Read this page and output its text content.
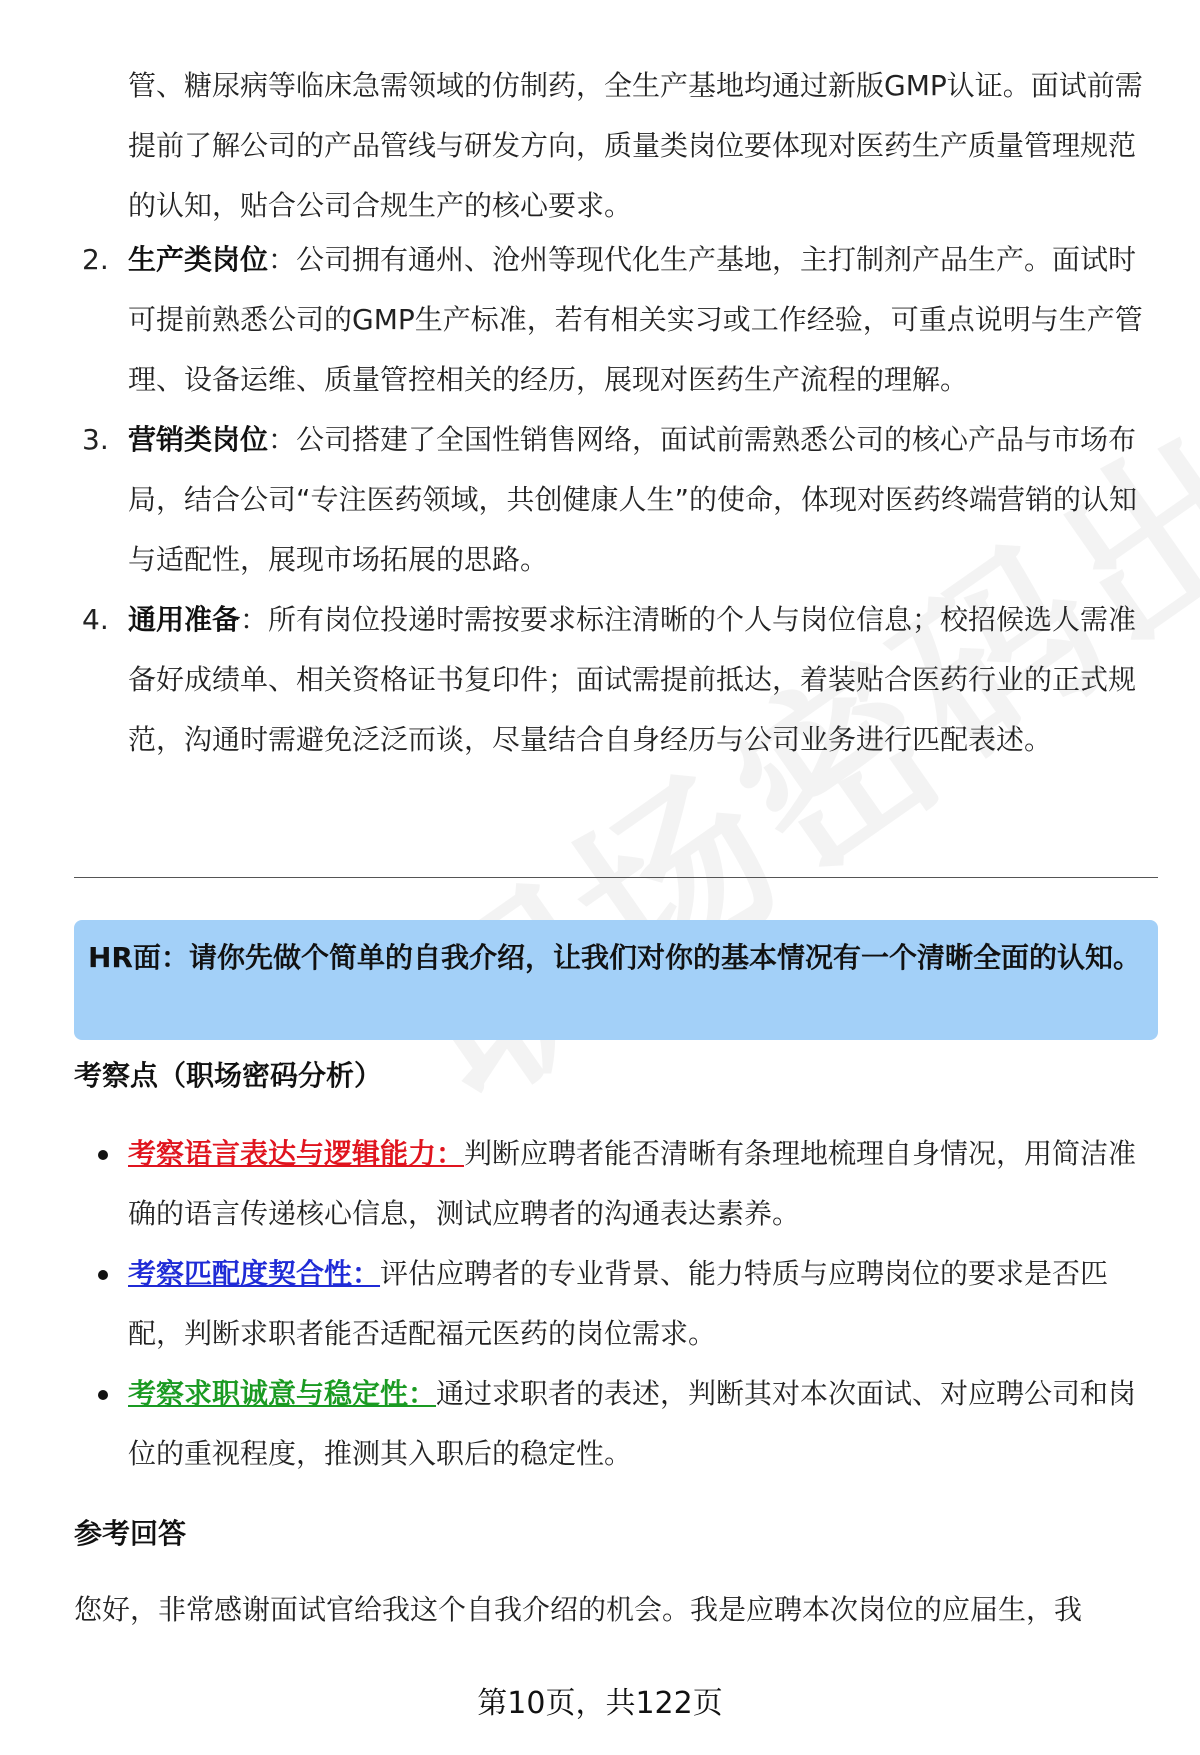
管、糖尿病等临床急需领域的仿制药，全生产基地均通过新版GMP认证。面试前需提前了解公司的产品管线与研发方向，质量类岗位要体现对医药生产质量管理规范的认知，贴合公司合规生产的核心要求。

2. 生产类岗位：公司拥有通州、沧州等现代化生产基地，主打制剂产品生产。面试时可提前熟悉公司的GMP生产标准，若有相关实习或工作经验，可重点说明与生产管理、设备运维、质量管控相关的经历，展现对医药生产流程的理解。
3. 营销类岗位：公司搭建了全国性销售网络，面试前需熟悉公司的核心产品与市场布局，结合公司“专注医药领域，共创健康人生”的使命，体现对医药终端营销的认知与适配性，展现市场拓展的思路。
4. 通用准备：所有岗位投递时需按要求标注清晰的个人与岗位信息；校招候选人需准备好成绩单、相关资格证书复印件；面试需提前抵达，着装贴合医药行业的正式规范，沟通时需避免泛泛而谈，尽量结合自身经历与公司业务进行匹配表述。
HR面：请你先做个简单的自我介绍，让我们对你的基本情况有一个清晰全面的认知。
考察点（职场密码分析）
考察语言表达与逻辑能力：判断应聘者能否清晰有条理地梳理自身情况，用简洁准确的语言传递核心信息，测试应聘者的沟通表达素养。
考察匹配度契合性：评估应聘者的专业背景、能力特质与应聘岗位的要求是否匹配，判断求职者能否适配福元医药的岗位需求。
考察求职诚意与稳定性：通过求职者的表述，判断其对本次面试、对应聘公司和岗位的重视程度，推测其入职后的稳定性。
参考回答

您好，非常感谢面试官给我这个自我介绍的机会。我是应聘本次岗位的应届生，我

第10页，共122页
